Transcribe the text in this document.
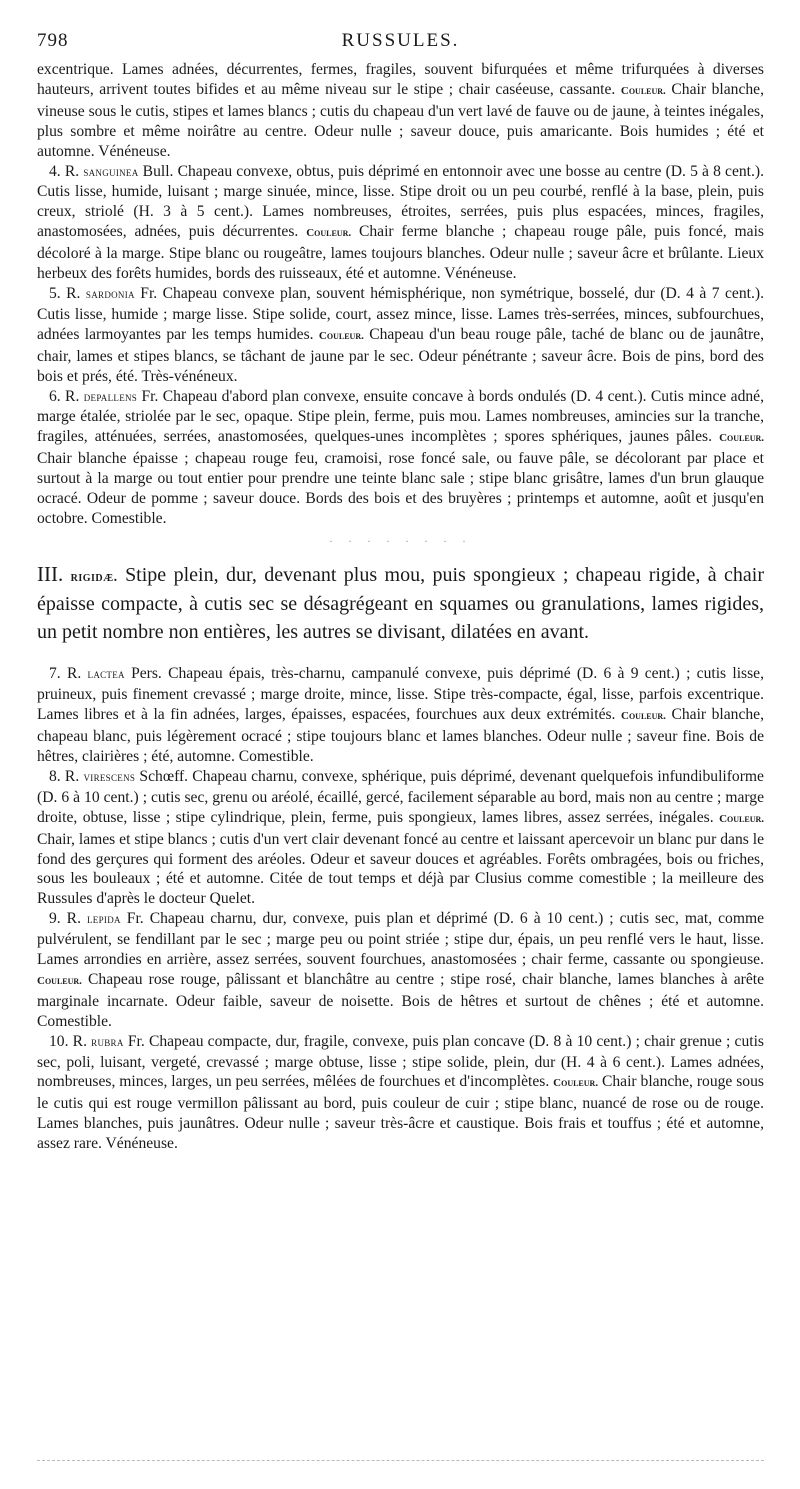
798	RUSSULES.

excentrique. Lames adnées, décurrentes, fermes, fragiles, souvent bifurquées et même trifurquées à diverses hauteurs, arrivent toutes bifides et au même niveau sur le stipe ; chair caséeuse, cassante. Couleur. Chair blanche, vineuse sous le cutis, stipes et lames blancs ; cutis du chapeau d'un vert lavé de fauve ou de jaune, à teintes inégales, plus sombre et même noirâtre au centre. Odeur nulle ; saveur douce, puis amaricante. Bois humides ; été et automne. Vénéneuse.

4. R. sanguinea Bull. Chapeau convexe, obtus, puis déprimé en entonnoir avec une bosse au centre (D. 5 à 8 cent.). Cutis lisse, humide, luisant ; marge sinuée, mince, lisse. Stipe droit ou un peu courbé, renflé à la base, plein, puis creux, striolé (H. 3 à 5 cent.). Lames nombreuses, étroites, serrées, puis plus espacées, minces, fragiles, anastomosées, adnées, puis décurrentes. Couleur. Chair ferme blanche ; chapeau rouge pâle, puis foncé, mais décoloré à la marge. Stipe blanc ou rougeâtre, lames toujours blanches. Odeur nulle ; saveur âcre et brûlante. Lieux herbeux des forêts humides, bords des ruisseaux, été et automne. Vénéneuse.

5. R. sardonia Fr. Chapeau convexe plan, souvent hémisphérique, non symétrique, bosselé, dur (D. 4 à 7 cent.). Cutis lisse, humide ; marge lisse. Stipe solide, court, assez mince, lisse. Lames très-serrées, minces, subfourchues, adnées larmoyantes par les temps humides. Couleur. Chapeau d'un beau rouge pâle, taché de blanc ou de jaunâtre, chair, lames et stipes blancs, se tâchant de jaune par le sec. Odeur pénétrante ; saveur âcre. Bois de pins, bord des bois et prés, été. Très-vénéneux.

6. R. depallens Fr. Chapeau d'abord plan convexe, ensuite concave à bords ondulés (D. 4 cent.). Cutis mince adné, marge étalée, striolée par le sec, opaque. Stipe plein, ferme, puis mou. Lames nombreuses, amincies sur la tranche, fragiles, atténuées, serrées, anastomosées, quelques-unes incomplètes ; spores sphériques, jaunes pâles. Couleur. Chair blanche épaisse ; chapeau rouge feu, cramoisi, rose foncé sale, ou fauve pâle, se décolorant par place et surtout à la marge ou tout entier pour prendre une teinte blanc sale ; stipe blanc grisâtre, lames d'un brun glauque ocracé. Odeur de pomme ; saveur douce. Bords des bois et des bruyères ; printemps et automne, août et jusqu'en octobre. Comestible.

· · · · · · · ·

III. rigidæ. Stipe plein, dur, devenant plus mou, puis spongieux ; chapeau rigide, à chair épaisse compacte, à cutis sec se désagrégeant en squames ou granulations, lames rigides, un petit nombre non entières, les autres se divisant, dilatées en avant.

7. R. lactea Pers. Chapeau épais, très-charnu, campanulé convexe, puis déprimé (D. 6 à 9 cent.) ; cutis lisse, pruineux, puis finement crevassé ; marge droite, mince, lisse. Stipe très-compacte, égal, lisse, parfois excentrique. Lames libres et à la fin adnées, larges, épaisses, espacées, fourchues aux deux extrémités. Couleur. Chair blanche, chapeau blanc, puis légèrement ocracé ; stipe toujours blanc et lames blanches. Odeur nulle ; saveur fine. Bois de hêtres, clairières ; été, automne. Comestible.

8. R. virescens Schœff. Chapeau charnu, convexe, sphérique, puis déprimé, devenant quelquefois infundibuliforme (D. 6 à 10 cent.) ; cutis sec, grenu ou aréolé, écaillé, gercé, facilement séparable au bord, mais non au centre ; marge droite, obtuse, lisse ; stipe cylindrique, plein, ferme, puis spongieux, lames libres, assez serrées, inégales. Couleur. Chair, lames et stipe blancs ; cutis d'un vert clair devenant foncé au centre et laissant apercevoir un blanc pur dans le fond des gerçures qui forment des aréoles. Odeur et saveur douces et agréables. Forêts ombragées, bois ou friches, sous les bouleaux ; été et automne. Citée de tout temps et déjà par Clusius comme comestible ; la meilleure des Russules d'après le docteur Quelet.

9. R. lepida Fr. Chapeau charnu, dur, convexe, puis plan et déprimé (D. 6 à 10 cent.) ; cutis sec, mat, comme pulvérulent, se fendillant par le sec ; marge peu ou point striée ; stipe dur, épais, un peu renflé vers le haut, lisse. Lames arrondies en arrière, assez serrées, souvent fourchues, anastomosées ; chair ferme, cassante ou spongieuse. Couleur. Chapeau rose rouge, pâlissant et blanchâtre au centre ; stipe rosé, chair blanche, lames blanches à arête marginale incarnate. Odeur faible, saveur de noisette. Bois de hêtres et surtout de chênes ; été et automne. Comestible.

10. R. rubra Fr. Chapeau compacte, dur, fragile, convexe, puis plan concave (D. 8 à 10 cent.) ; chair grenue ; cutis sec, poli, luisant, vergeté, crevassé ; marge obtuse, lisse ; stipe solide, plein, dur (H. 4 à 6 cent.). Lames adnées, nombreuses, minces, larges, un peu serrées, mêlées de fourchues et d'incomplètes. Couleur. Chair blanche, rouge sous le cutis qui est rouge vermillon pâlissant au bord, puis couleur de cuir ; stipe blanc, nuancé de rose ou de rouge. Lames blanches, puis jaunâtres. Odeur nulle ; saveur très-âcre et caustique. Bois frais et touffus ; été et automne, assez rare. Vénéneuse.
